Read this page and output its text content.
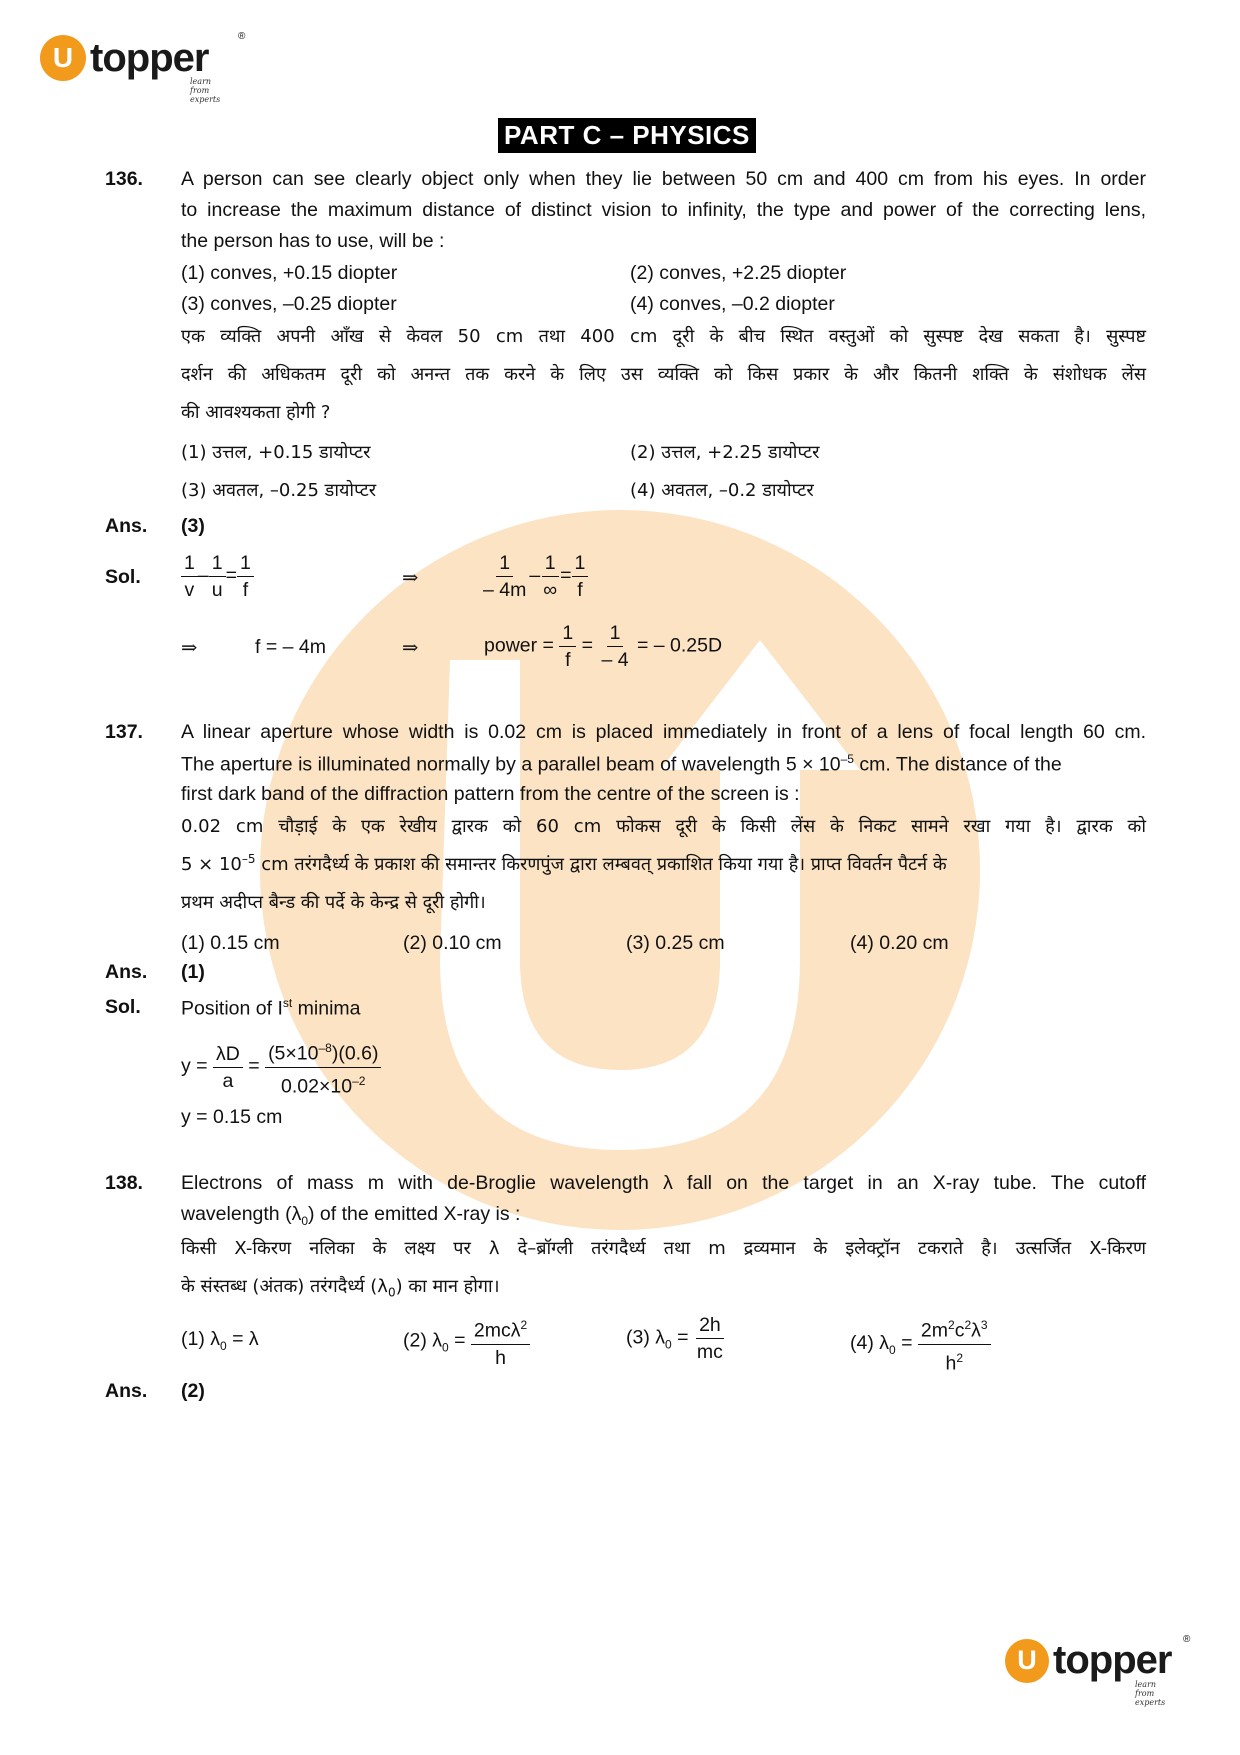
U topper	®
learn from experts
PART C – PHYSICS
136. A person can see clearly object only when they lie between 50 cm and 400 cm from his eyes. In order
to increase the maximum distance of distinct vision to infinity, the type and power of the correcting lens,
the person has to use, will be :
(1) conves, +0.15 diopter	(2) conves, +2.25 diopter
(3) conves, –0.25 diopter	(4) conves, –0.2 diopter
एक व्यक्ति अपनी आँख से केवल 50 cm तथा 400 cm दूरी के बीच स्थित वस्तुओं को सुस्पष्ट देख सकता है। सुस्पष्ट
दर्शन की अधिकतम दूरी को अनन्त तक करने के लिए उस व्यक्ति को किस प्रकार के और कितनी शक्ति के संशोधक लेंस
की आवश्यकता होगी ?
(1) उत्तल, +0.15 डायोप्टर	(2) उत्तल, +2.25 डायोप्टर
(3) अवतल, –0.25 डायोप्टर	(4) अवतल, –0.2 डायोप्टर
Ans. (3)
Sol. $\frac{1}{v} - \frac{1}{u} = \frac{1}{f}$	⇒	$\frac{1}{- 4m} - \frac{1}{\infty} = \frac{1}{f}$
⇒	f = – 4m	⇒	power = $\frac{1}{f} = \frac{1}{- 4}$ = – 0.25D
137. A linear aperture whose width is 0.02 cm is placed immediately in front of a lens of focal length 60 cm.
The aperture is illuminated normally by a parallel beam of wavelength $5 \times 10^{-5}$ cm. The distance of the
first dark band of the diffraction pattern from the centre of the screen is :
0.02 cm चौड़ाई के एक रेखीय द्वारक को 60 cm फोकस दूरी के किसी लेंस के निकट सामने रखा गया है। द्वारक को
$5 \times 10^{-5}$ cm तरंगदैर्ध्य के प्रकाश की समान्तर किरणपुंज द्वारा लम्बवत् प्रकाशित किया गया है। प्राप्त विवर्तन पैटर्न के
प्रथम अदीप्त बैन्ड की पर्दे के केन्द्र से दूरी होगी।
(1) 0.15 cm	(2) 0.10 cm	(3) 0.25 cm	(4) 0.20 cm
Ans. (1)
Sol. Position of Ist minima
$y = \frac{\lambda D}{a} = \frac{(5\times 10^{-8})(0.6)}{0.02\times 10^{-2}}$
y = 0.15 cm
138. Electrons of mass m with de-Broglie wavelength λ fall on the target in an X-ray tube. The cutoff
wavelength $(\lambda_0)$ of the emitted X-ray is :
किसी X-किरण नलिका के लक्ष्य पर λ दे–ब्रॉग्ली तरंगदैर्ध्य तथा m द्रव्यमान के इलेक्ट्रॉन टकराते है। उत्सर्जित X-किरण
के संस्तब्ध (अंतक) तरंगदैर्ध्य $(\lambda_0)$ का मान होगा।
(1) $\lambda_0 = \lambda$	(2) $\lambda_0 = \frac{2mc\lambda^2}{h}$	(3) $\lambda_0 = \frac{2h}{mc}$	(4) $\lambda_0 = \frac{2m^2c^2\lambda^3}{h^2}$
Ans. (2)
U topper ®
learn from experts
